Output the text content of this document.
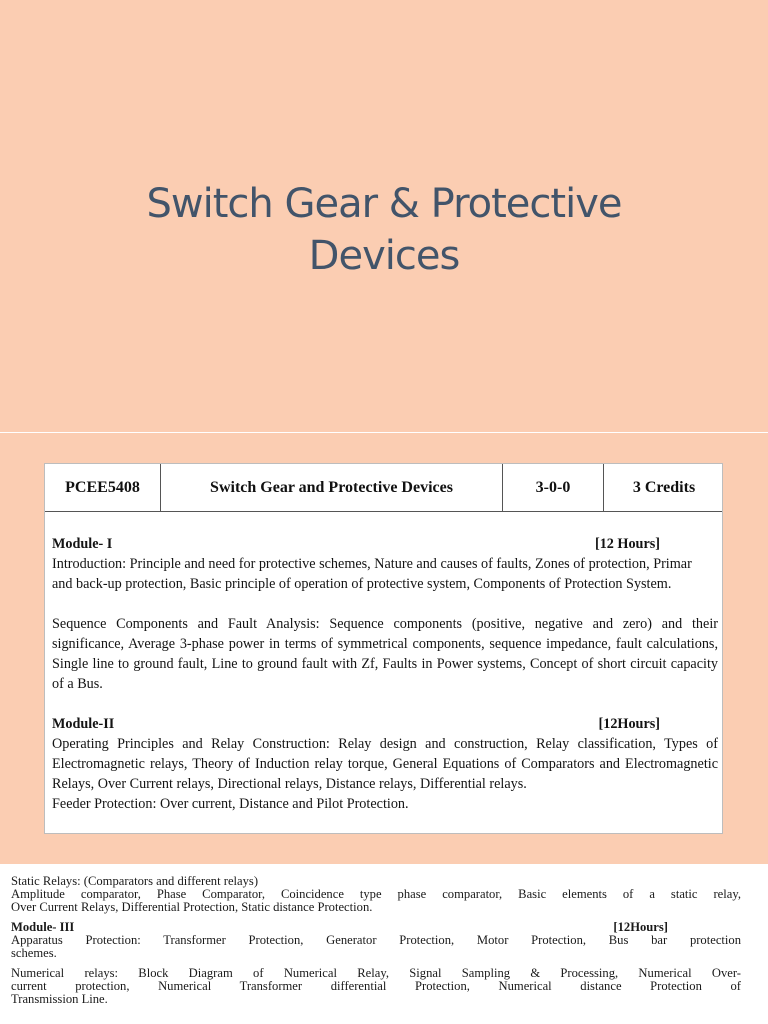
Switch Gear & Protective
Devices
PCEE5408	Switch Gear and Protective Devices	3-0-0	3 Credits
Module- I	[12 Hours]
Introduction: Principle and need for protective schemes, Nature and causes of faults, Zones of protection, Primar
and back-up protection, Basic principle of operation of protective system, Components of Protection System.

Sequence Components and Fault Analysis: Sequence components (positive, negative and zero) and their significance, Average 3-phase power in terms of symmetrical components, sequence impedance, fault calculations, Single line to ground fault, Line to ground fault with Zf, Faults in Power systems, Concept of short circuit capacity of a Bus.

Module-II	[12Hours]

Operating Principles and Relay Construction: Relay design and construction, Relay classification, Types of Electromagnetic relays, Theory of Induction relay torque, General Equations of Comparators and Electromagnetic Relays, Over Current relays, Directional relays, Distance relays, Differential relays.

Feeder Protection: Over current, Distance and Pilot Protection.

Static Relays: (Comparators and different relays)
Amplitude comparator, Phase Comparator, Coincidence type phase comparator, Basic elements of a static relay,
Over Current Relays, Differential Protection, Static distance Protection.
Module- III	[12Hours]
Apparatus Protection: Transformer Protection, Generator Protection, Motor Protection, Bus bar protection
schemes.
Numerical relays: Block Diagram of Numerical Relay, Signal Sampling & Processing, Numerical Over-
current protection, Numerical Transformer differential Protection, Numerical distance Protection of
Transmission Line.
